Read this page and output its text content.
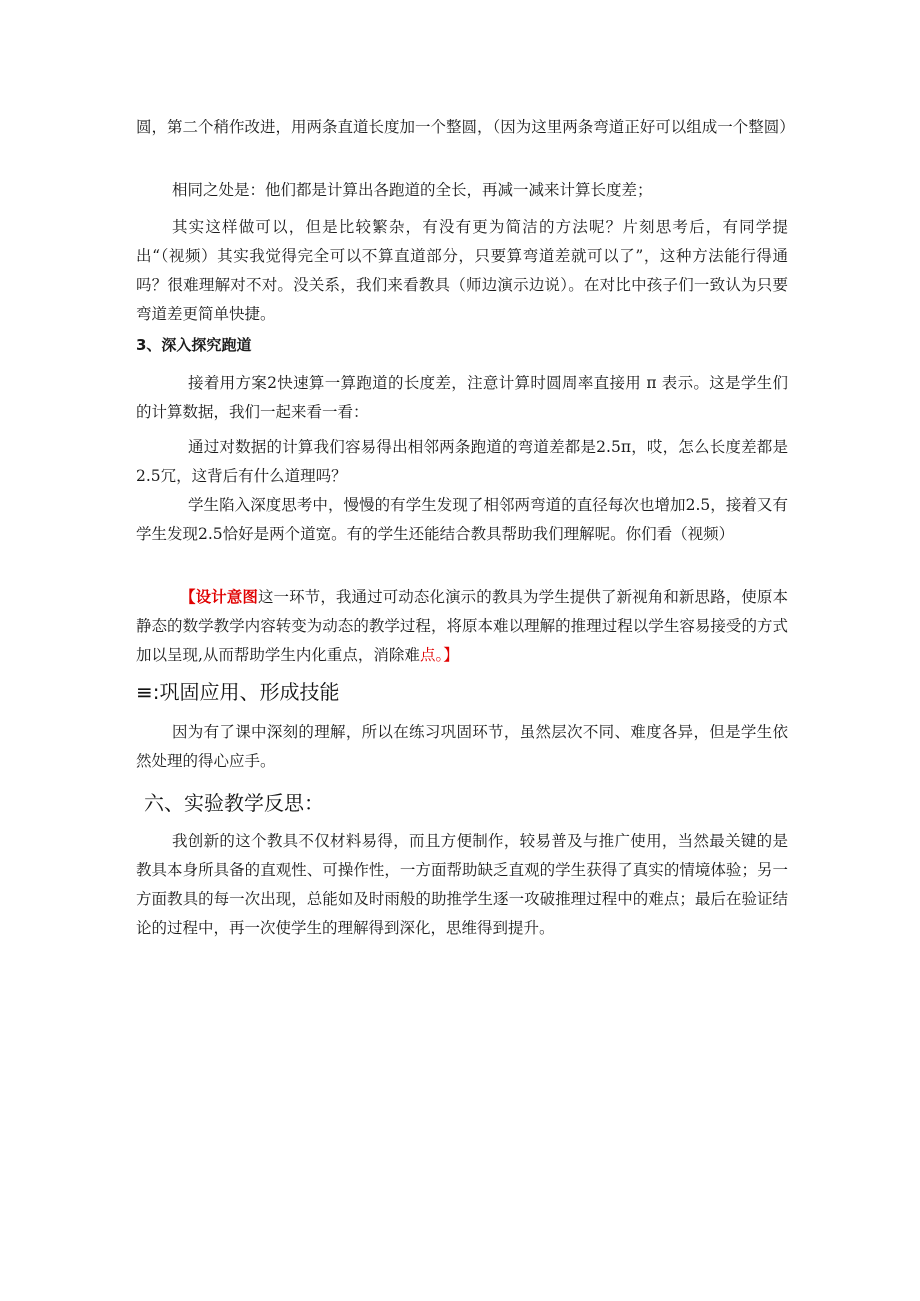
圆，第二个稍作改进，用两条直道长度加一个整圆，（因为这里两条弯道正好可以组成一个整圆）

相同之处是：他们都是计算出各跑道的全长，再减一减来计算长度差；

其实这样做可以，但是比较繁杂，有没有更为简洁的方法呢？片刻思考后，有同学提出“（视频）其实我觉得完全可以不算直道部分，只要算弯道差就可以了”，这种方法能行得通吗？很难理解对不对。没关系，我们来看教具（师边演示边说）。在对比中孩子们一致认为只要弯道差更简单快捷。

3、深入探究跑道

接着用方案2快速算一算跑道的长度差，注意计算时圆周率直接用 π 表示。这是学生们的计算数据，我们一起来看一看：

通过对数据的计算我们容易得出相邻两条跑道的弯道差都是2.5π，哎，怎么长度差都是2.5冗，这背后有什么道理吗？

学生陷入深度思考中，慢慢的有学生发现了相邻两弯道的直径每次也增加2.5，接着又有学生发现2.5恰好是两个道宽。有的学生还能结合教具帮助我们理解呢。你们看（视频）

【设计意图这一环节，我通过可动态化演示的教具为学生提供了新视角和新思路，使原本静态的数学教学内容转变为动态的教学过程，将原本难以理解的推理过程以学生容易接受的方式加以呈现,从而帮助学生内化重点，消除难点。】

≡:巩固应用、形成技能

因为有了课中深刻的理解，所以在练习巩固环节，虽然层次不同、难度各异，但是学生依然处理的得心应手。

六、实验教学反思：

我创新的这个教具不仅材料易得，而且方便制作，较易普及与推广使用，当然最关键的是教具本身所具备的直观性、可操作性，一方面帮助缺乏直观的学生获得了真实的情境体验；另一方面教具的每一次出现，总能如及时雨般的助推学生逐一攻破推理过程中的难点；最后在验证结论的过程中，再一次使学生的理解得到深化，思维得到提升。
